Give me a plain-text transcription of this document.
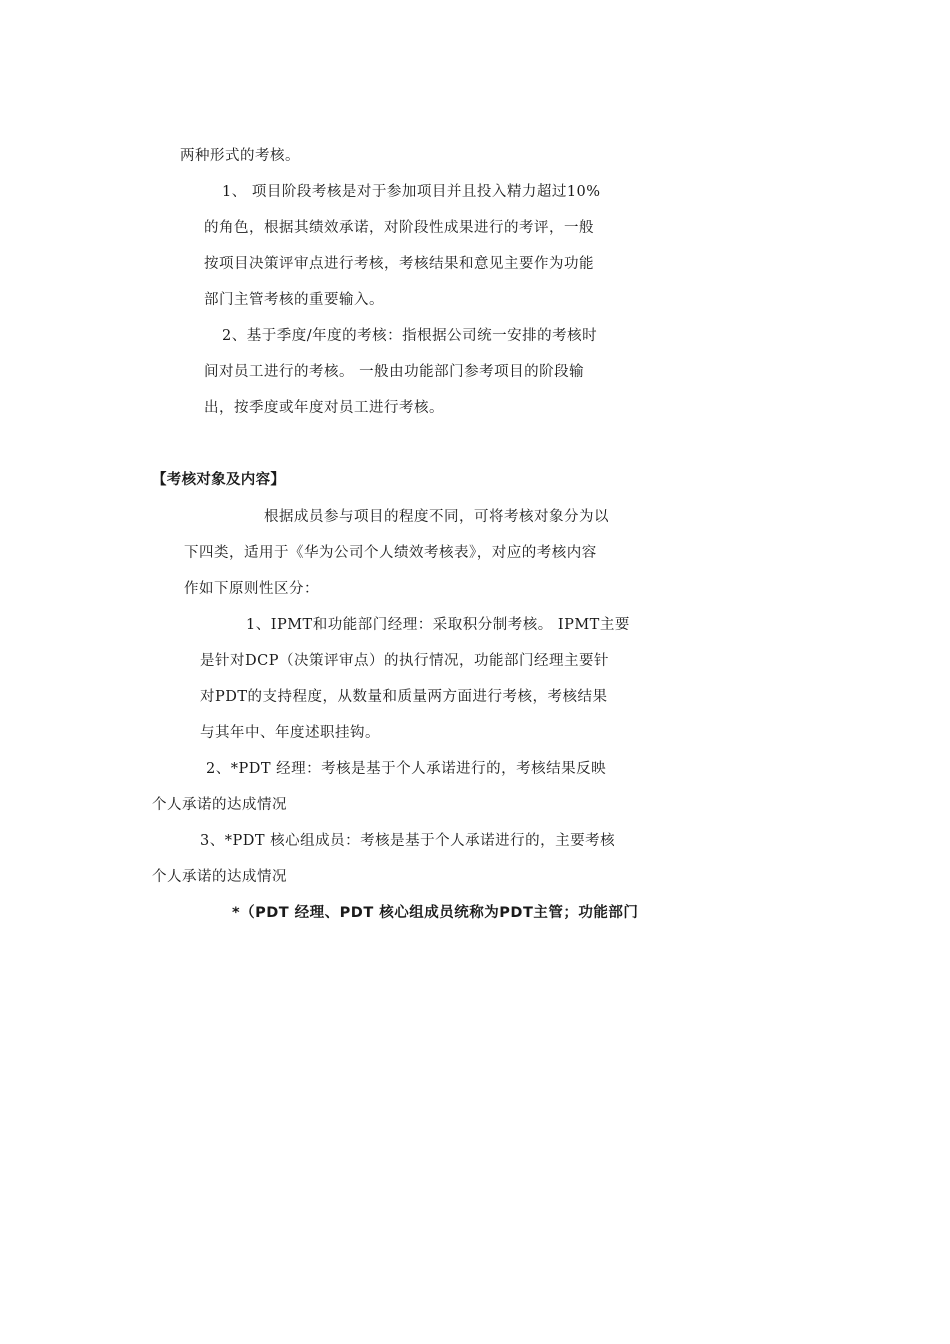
两种形式的考核。
1、 项目阶段考核是对于参加项目并且投入精力超过10%
的角色，根据其绩效承诺，对阶段性成果进行的考评，一般
按项目决策评审点进行考核，考核结果和意见主要作为功能
部门主管考核的重要输入。
2、基于季度/年度的考核：指根据公司统一安排的考核时
间对员工进行的考核。 一般由功能部门参考项目的阶段输
出，按季度或年度对员工进行考核。
【考核对象及内容】
根据成员参与项目的程度不同，可将考核对象分为以
下四类，适用于《华为公司个人绩效考核表》，对应的考核内容
作如下原则性区分：
1、IPMT和功能部门经理：采取积分制考核。 IPMT主要
是针对DCP（决策评审点）的执行情况，功能部门经理主要针
对PDT的支持程度，从数量和质量两方面进行考核，考核结果
与其年中、年度述职挂钩。
2、*PDT 经理：考核是基于个人承诺进行的，考核结果反映
个人承诺的达成情况
3、*PDT 核心组成员：考核是基于个人承诺进行的，主要考核
个人承诺的达成情况
*（PDT 经理、PDT 核心组成员统称为PDT主管；功能部门
